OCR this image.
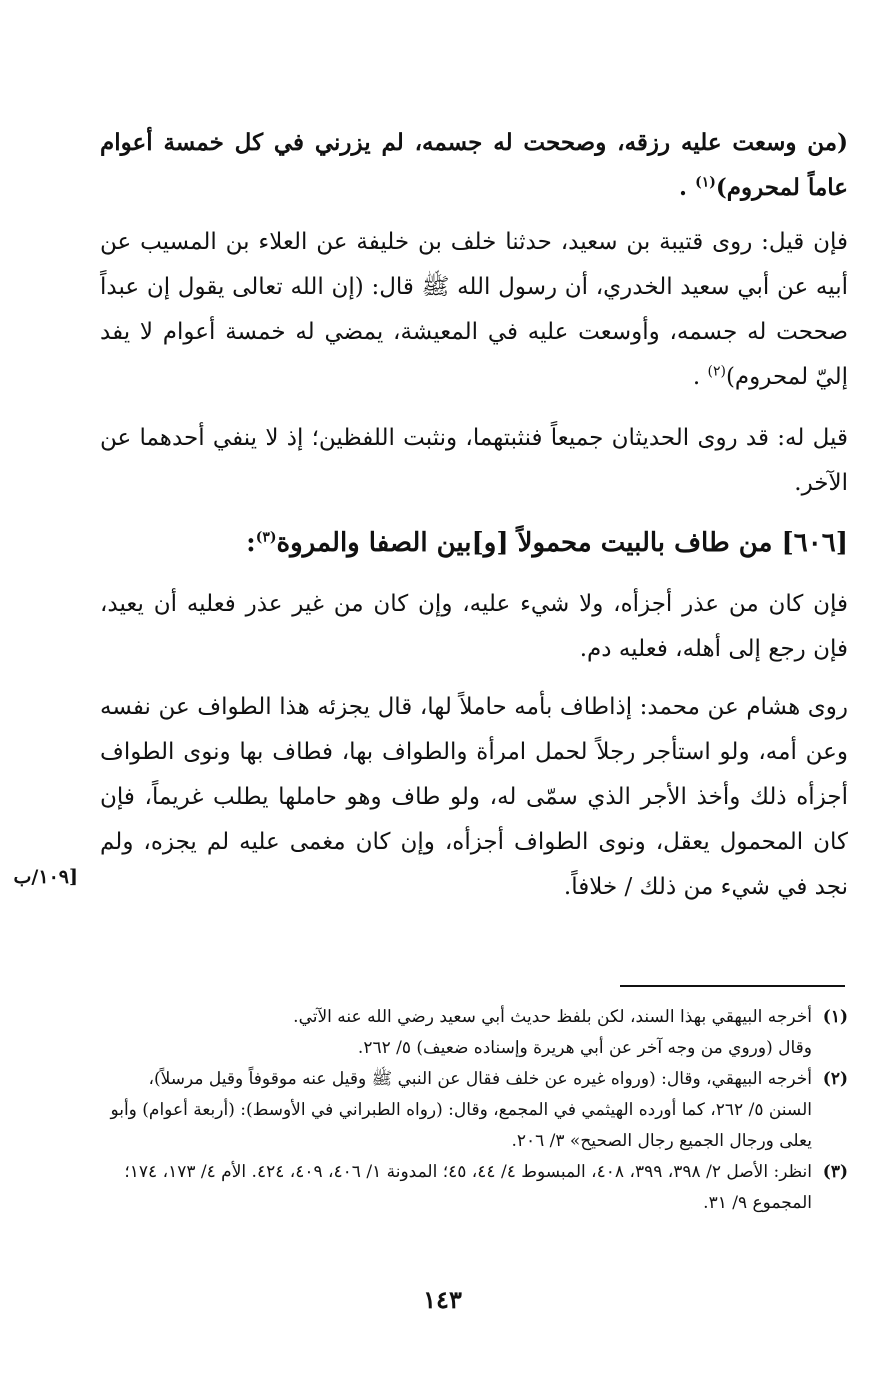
(من وسعت عليه رزقه، وصححت له جسمه، لم يزرني في كل خمسة أعوام عاماً لمحروم)$^{(١)}$ .

فإن قيل: روى قتيبة بن سعيد، حدثنا خلف بن خليفة عن العلاء بن المسيب عن أبيه عن أبي سعيد الخدري، أن رسول الله ﷺ قال: (إن الله تعالى يقول إن عبداً صححت له جسمه، وأوسعت عليه في المعيشة، يمضي له خمسة أعوام لا يفد إليّ لمحروم)$^{(٢)}$ .

قيل له: قد روى الحديثان جميعاً فنثبتهما، ونثبت اللفظين؛ إذ لا ينفي أحدهما عن الآخر.

[٦٠٦] من طاف بالبيت محمولاً [و]بين الصفا والمروة$^{(٣)}$:

فإن كان من عذر أجزأه، ولا شيء عليه، وإن كان من غير عذر فعليه أن يعيد، فإن رجع إلى أهله، فعليه دم.

روى هشام عن محمد: إذاطاف بأمه حاملاً لها، قال يجزئه هذا الطواف عن نفسه وعن أمه، ولو استأجر رجلاً لحمل امرأة والطواف بها، فطاف بها ونوى الطواف أجزأه ذلك وأخذ الأجر الذي سمّى له، ولو طاف وهو حاملها يطلب غريماً، فإن كان المحمول يعقل، ونوى الطواف أجزأه، وإن كان مغمى عليه لم يجزه، ولم نجد في شيء من ذلك / خلافاً.

[١٠٩/ب
(١)
أخرجه البيهقي بهذا السند، لكن بلفظ حديث أبي سعيد رضي الله عنه الآتي.
وقال (وروي من وجه آخر عن أبي هريرة وإسناده ضعيف) ٥/ ٢٦٢.
(٢)
أخرجه البيهقي، وقال: (ورواه غيره عن خلف فقال عن النبي ﷺ وقيل عنه موقوفاً وقيل مرسلاً)، السنن ٥/ ٢٦٢، كما أورده الهيثمي في المجمع، وقال: (رواه الطبراني في الأوسط): (أربعة أعوام) وأبو يعلى ورجال الجميع رجال الصحيح» ٣/ ٢٠٦.
(٣)
انظر: الأصل ٢/ ٣٩٨، ٣٩٩، ٤٠٨، المبسوط ٤/ ٤٤، ٤٥؛ المدونة ١/ ٤٠٦، ٤٠٩، ٤٢٤. الأم ٤/ ١٧٣، ١٧٤؛ المجموع ٩/ ٣١.
١٤٣
